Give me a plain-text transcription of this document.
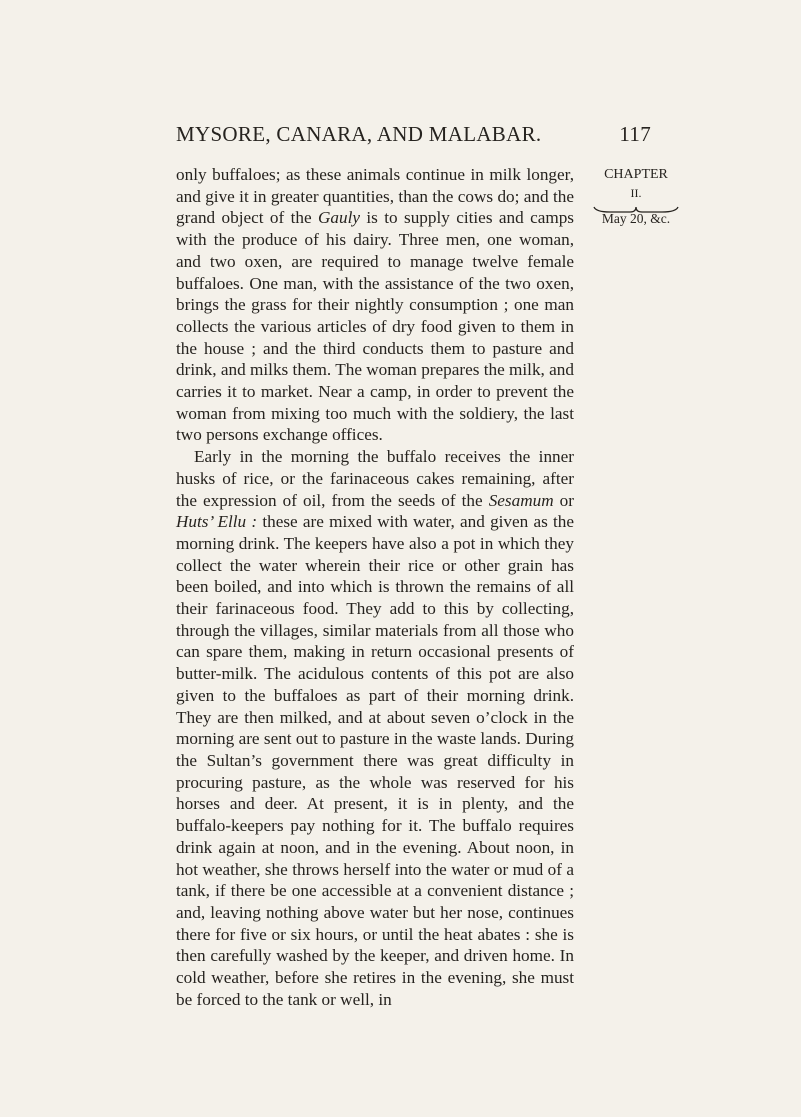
MYSORE, CANARA, AND MALABAR.	117

only buffaloes; as these animals continue in milk longer, and give it in greater quantities, than the cows do; and the grand object of the Gauly is to supply cities and camps with the produce of his dairy. Three men, one woman, and two oxen, are required to manage twelve female buffaloes. One man, with the assistance of the two oxen, brings the grass for their nightly consumption ; one man collects the various articles of dry food given to them in the house ; and the third conducts them to pasture and drink, and milks them. The woman prepares the milk, and carries it to market. Near a camp, in order to prevent the woman from mixing too much with the soldiery, the last two persons exchange offices.

Early in the morning the buffalo receives the inner husks of rice, or the farinaceous cakes remaining, after the expression of oil, from the seeds of the Sesamum or Huts’ Ellu : these are mixed with water, and given as the morning drink. The keepers have also a pot in which they collect the water wherein their rice or other grain has been boiled, and into which is thrown the remains of all their farinaceous food. They add to this by collecting, through the villages, similar materials from all those who can spare them, making in return occasional presents of butter-milk. The acidulous contents of this pot are also given to the buffaloes as part of their morning drink. They are then milked, and at about seven o’clock in the morning are sent out to pasture in the waste lands. During the Sultan’s government there was great difficulty in procuring pasture, as the whole was reserved for his horses and deer. At present, it is in plenty, and the buffalo-keepers pay nothing for it. The buffalo requires drink again at noon, and in the evening. About noon, in hot weather, she throws herself into the water or mud of a tank, if there be one accessible at a convenient distance ; and, leaving nothing above water but her nose, continues there for five or six hours, or until the heat abates : she is then carefully washed by the keeper, and driven home. In cold weather, before she retires in the evening, she must be forced to the tank or well, in

CHAPTER
II.
May 20, &c.
